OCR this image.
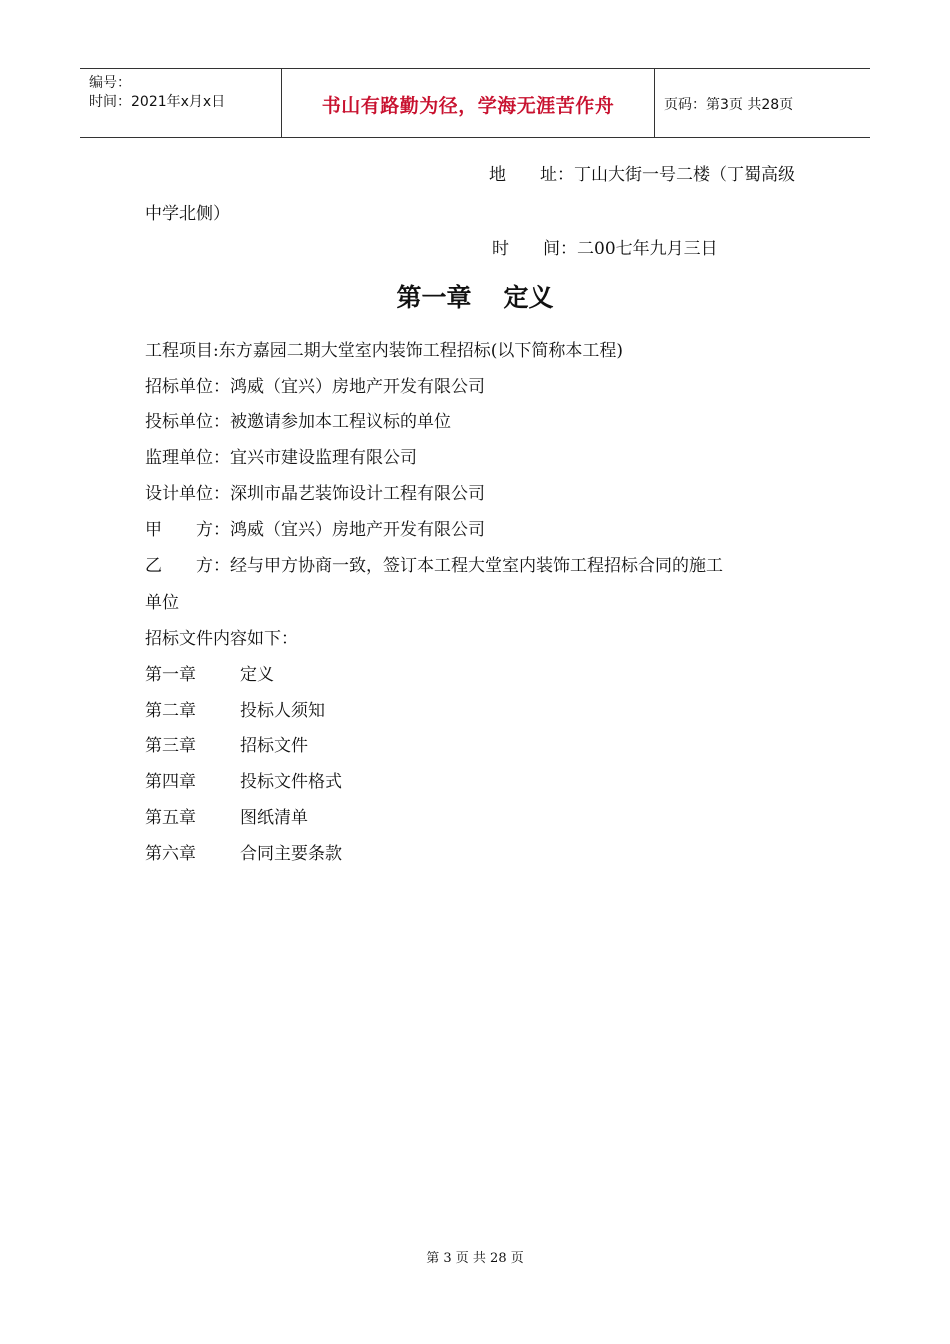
编号：
时间：2021年x月x日	书山有路勤为径，学海无涯苦作舟	页码：第3页 共28页
地　　址：丁山大街一号二楼（丁蜀高级
中学北侧）
时　　间：二00七年九月三日
第一章 定义
工程项目:东方嘉园二期大堂室内装饰工程招标(以下简称本工程)
招标单位：鸿威（宜兴）房地产开发有限公司
投标单位：被邀请参加本工程议标的单位
监理单位：宜兴市建设监理有限公司
设计单位：深圳市晶艺装饰设计工程有限公司
甲　　方：鸿威（宜兴）房地产开发有限公司
乙　　方：经与甲方协商一致，签订本工程大堂室内装饰工程招标合同的施工
单位
招标文件内容如下：
第一章	定义
第二章	投标人须知
第三章	招标文件
第四章	投标文件格式
第五章	图纸清单
第六章	合同主要条款
第 3 页 共 28 页
